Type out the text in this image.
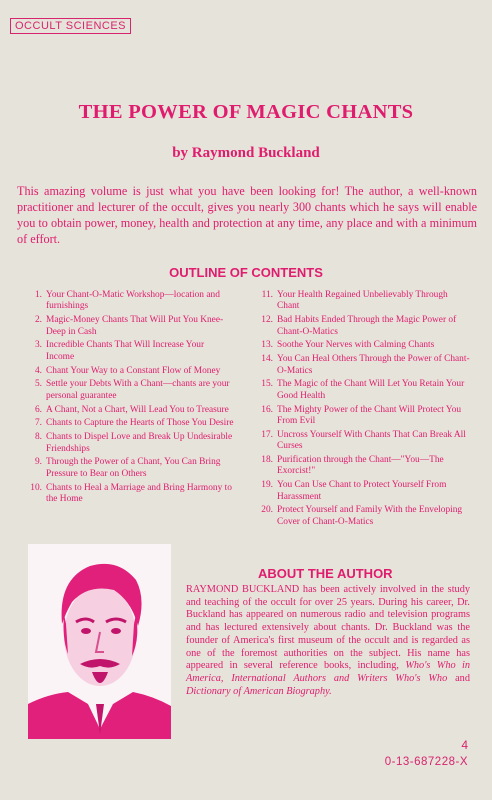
OCCULT SCIENCES
THE POWER OF MAGIC CHANTS
by Raymond Buckland
This amazing volume is just what you have been looking for! The author, a well-known practitioner and lecturer of the occult, gives you nearly 300 chants which he says will enable you to obtain power, money, health and protection at any time, any place and with a minimum of effort.
OUTLINE OF CONTENTS
1. Your Chant-O-Matic Workshop—location and furnishings
2. Magic-Money Chants That Will Put You Knee-Deep in Cash
3. Incredible Chants That Will Increase Your Income
4. Chant Your Way to a Constant Flow of Money
5. Settle your Debts With a Chant—chants are your personal guarantee
6. A Chant, Not a Chart, Will Lead You to Treasure
7. Chants to Capture the Hearts of Those You Desire
8. Chants to Dispel Love and Break Up Undesirable Friendships
9. Through the Power of a Chant, You Can Bring Pressure to Bear on Others
10. Chants to Heal a Marriage and Bring Harmony to the Home
11. Your Health Regained Unbelievably Through Chant
12. Bad Habits Ended Through the Magic Power of Chant-O-Matics
13. Soothe Your Nerves with Calming Chants
14. You Can Heal Others Through the Power of Chant-O-Matics
15. The Magic of the Chant Will Let You Retain Your Good Health
16. The Mighty Power of the Chant Will Protect You From Evil
17. Uncross Yourself With Chants That Can Break All Curses
18. Purification through the Chant—"You—The Exorcist!"
19. You Can Use Chant to Protect Yourself From Harassment
20. Protect Yourself and Family With the Enveloping Cover of Chant-O-Matics
ABOUT THE AUTHOR
RAYMOND BUCKLAND has been actively involved in the study and teaching of the occult for over 25 years. During his career, Dr. Buckland has appeared on numerous radio and television programs and has lectured extensively about chants. Dr. Buckland was the founder of America's first museum of the occult and is regarded as one of the foremost authorities on the subject. His name has appeared in several reference books, including, Who's Who in America, International Authors and Writers Who's Who and Dictionary of American Biography.
4
0-13-687228-X
